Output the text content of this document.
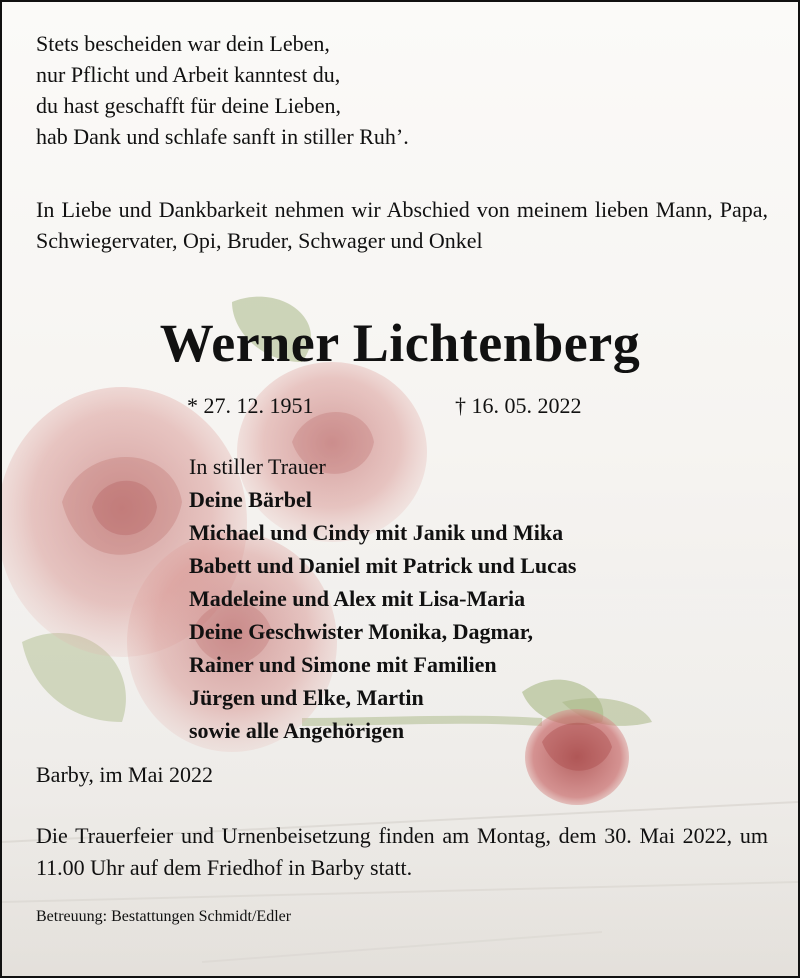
Stets bescheiden war dein Leben,
nur Pflicht und Arbeit kanntest du,
du hast geschafft für deine Lieben,
hab Dank und schlafe sanft in stiller Ruh’.
In Liebe und Dankbarkeit nehmen wir Abschied von meinem lieben Mann, Papa, Schwiegervater, Opi, Bruder, Schwager und Onkel
Werner Lichtenberg
* 27. 12. 1951	† 16. 05. 2022
In stiller Trauer
Deine Bärbel
Michael und Cindy mit Janik und Mika
Babett und Daniel mit Patrick und Lucas
Madeleine und Alex mit Lisa-Maria
Deine Geschwister Monika, Dagmar,
Rainer und Simone mit Familien
Jürgen und Elke, Martin
sowie alle Angehörigen
Barby, im Mai 2022
Die Trauerfeier und Urnenbeisetzung finden am Montag, dem 30. Mai 2022, um 11.00 Uhr auf dem Friedhof in Barby statt.
Betreuung: Bestattungen Schmidt/Edler
